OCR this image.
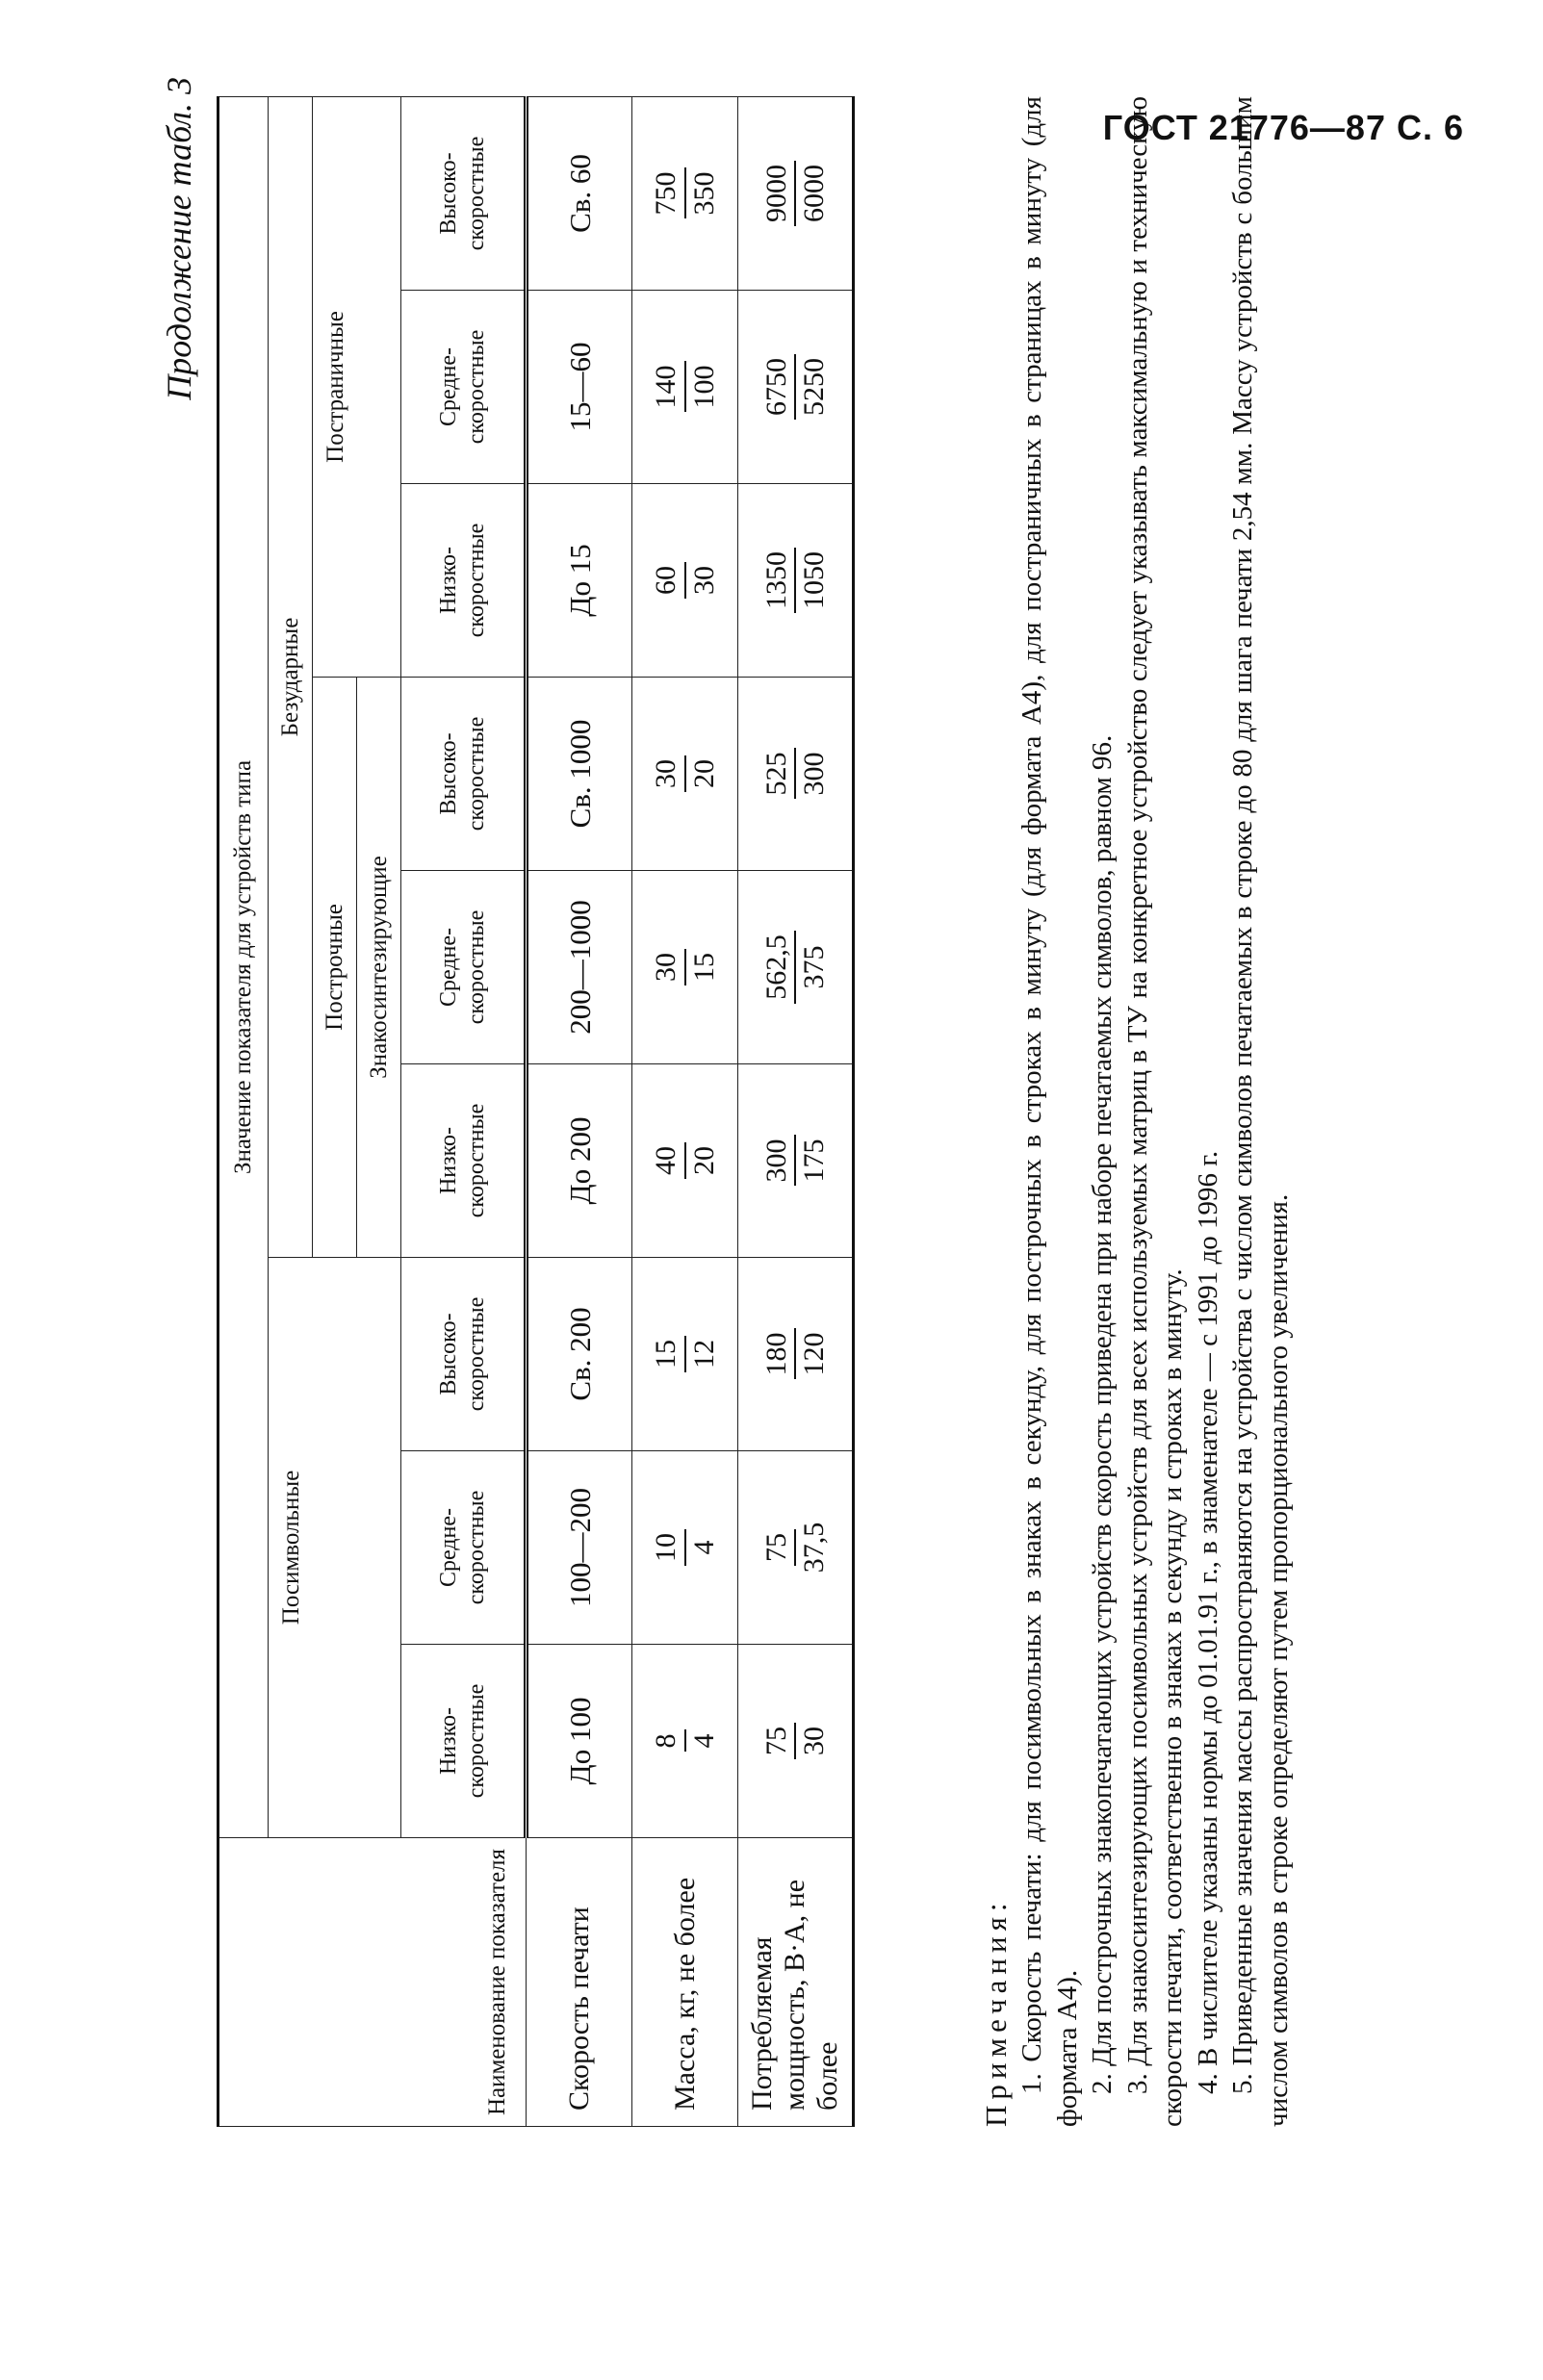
ГОСТ 21776—87 С. 6
Продолжение табл. 3
Наименование показателя	Значение показателя для устройств типа								
	Посимвольные			Безударные					
				Построчные			Постраничные		
				Знакосинтезирующие					
	Низко-скоростные	Средне-скоростные	Высоко-скоростные	Низко-скоростные	Средне-скоростные	Высоко-скоростные	Низко-скоростные	Средне-скоростные	Высоко-скоростные
Скорость печати	До 100	100—200	Св. 200	До 200	200—1000	Св. 1000	До 15	15—60	Св. 60
Масса, кг, не более	8 4	10 4	15 12	40 20	30 15	30 20	60 30	140 100	750 350

Потребляемая мощность, В·А, не более	75 30	75 37,5	180 120	300 175	562,5 375	525 300	1350 1050	6750 5250	9000 6000

Примечания: 1. Скорость печати: для посимвольных в знаках в секунду, для построчных в строках в минуту (для формата А4), для постраничных в страницах в минуту (для формата А4). 2. Для построчных знакопечатающих устройств скорость приведена при наборе печатаемых символов, равном 96. 3. Для знакосинтезирующих посимвольных устройств для всех используемых матриц в ТУ на конкретное устройство следует указывать максимальную и техническую скорости печати, соответственно в знаках в секунду и строках в минуту. 4. В числителе указаны нормы до 01.01.91 г., в знаменателе — с 1991 до 1996 г. 5. Приведенные значения массы распространяются на устройства с числом символов печатаемых в строке до 80 для шага печати 2,54 мм. Массу устройств с большим числом символов в строке определяют путем пропорционального увеличения.
